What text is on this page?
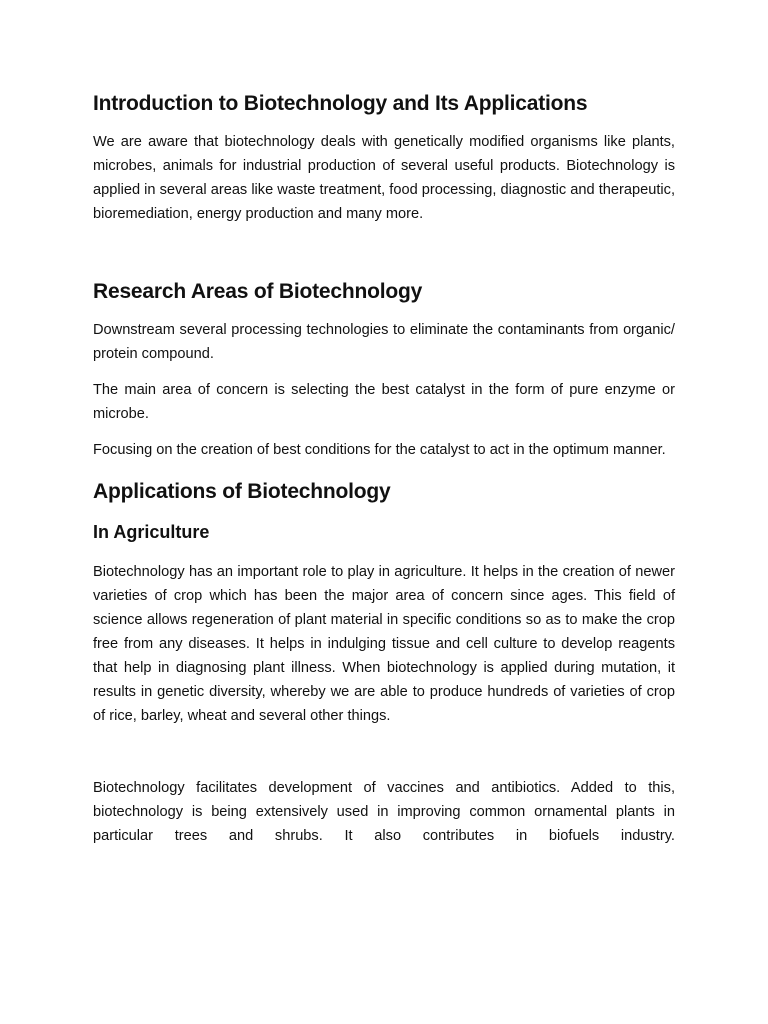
Introduction to Biotechnology and Its Applications

We are aware that biotechnology deals with genetically modified organisms like plants, microbes, animals for industrial production of several useful products. Biotechnology is applied in several areas like waste treatment, food processing, diagnostic and therapeutic, bioremediation, energy production and many more.

Research Areas of Biotechnology

Downstream several processing technologies to eliminate the contaminants from organic/ protein compound.

The main area of concern is selecting the best catalyst in the form of pure enzyme or microbe.

Focusing on the creation of best conditions for the catalyst to act in the optimum manner.

Applications of Biotechnology
In Agriculture

Biotechnology has an important role to play in agriculture. It helps in the creation of newer varieties of crop which has been the major area of concern since ages. This field of science allows regeneration of plant material in specific conditions so as to make the crop free from any diseases. It helps in indulging tissue and cell culture to develop reagents that help in diagnosing plant illness. When biotechnology is applied during mutation, it results in genetic diversity, whereby we are able to produce hundreds of varieties of crop of rice, barley, wheat and several other things.

Biotechnology facilitates development of vaccines and antibiotics. Added to this, biotechnology is being extensively used in improving common ornamental plants in particular trees and shrubs. It also contributes in biofuels industry.
